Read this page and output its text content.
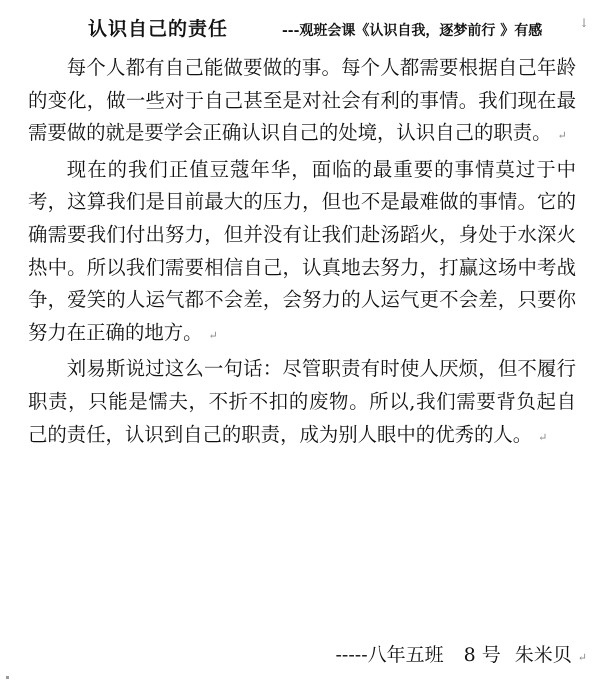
认识自己的责任	---观班会课《认识自我，逐梦前行 》有感	↓

每个人都有自己能做要做的事。每个人都需要根据自己年龄的变化，做一些对于自己甚至是对社会有利的事情。我们现在最需要做的就是要学会正确认识自己的处境，认识自己的职责。 ↵

现在的我们正值豆蔻年华，面临的最重要的事情莫过于中考，这算我们是目前最大的压力，但也不是最难做的事情。它的确需要我们付出努力，但并没有让我们赴汤蹈火，身处于水深火热中。所以我们需要相信自己，认真地去努力，打赢这场中考战争，爱笑的人运气都不会差，会努力的人运气更不会差，只要你努力在正确的地方。 ↵

刘易斯说过这么一句话：尽管职责有时使人厌烦，但不履行职责，只能是懦夫，不折不扣的废物。所以,我们需要背负起自己的责任，认识到自己的职责，成为别人眼中的优秀的人。 ↵

-----八年五班 8 号 朱米贝 ↵
